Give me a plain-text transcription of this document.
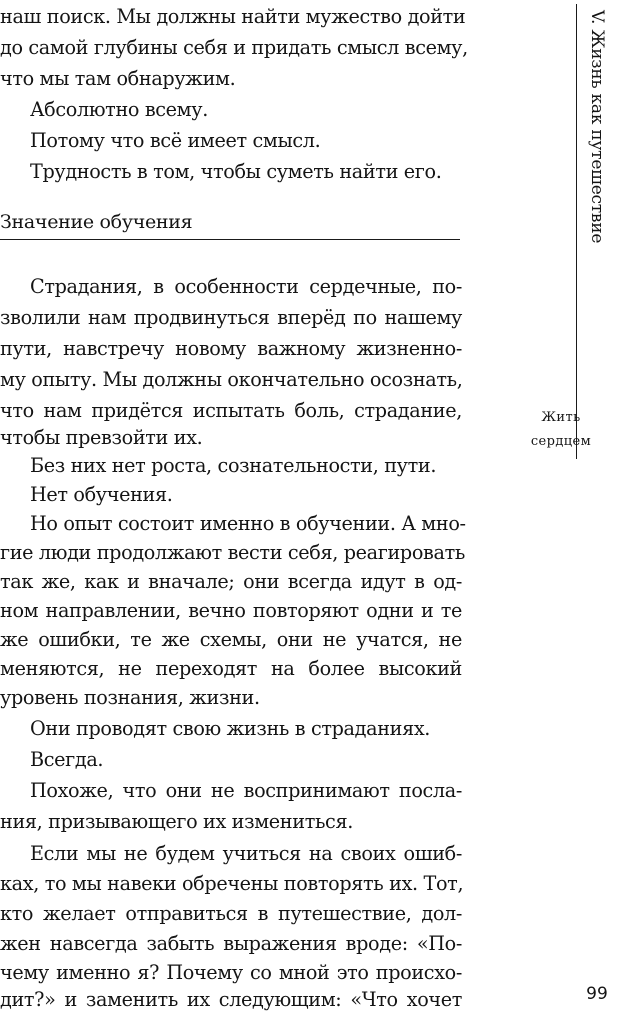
наш поиск. Мы должны найти мужество дойти
до самой глубины себя и придать смысл всему,
что мы там обнаружим.
Абсолютно всему.
Потому что всё имеет смысл.
Трудность в том, чтобы суметь найти его.
Значение обучения
Страдания, в особенности сердечные, по-
зволили нам продвинуться вперёд по нашему
пути, навстречу новому важному жизненно-
му опыту. Мы должны окончательно осознать,
что нам придётся испытать боль, страдание,
чтобы превзойти их.
Без них нет роста, сознательности, пути.
Нет обучения.
Но опыт состоит именно в обучении. А мно-
гие люди продолжают вести себя, реагировать
так же, как и вначале; они всегда идут в од-
ном направлении, вечно повторяют одни и те
же ошибки, те же схемы, они не учатся, не
меняются, не переходят на более высокий
уровень познания, жизни.
Они проводят свою жизнь в страданиях.
Всегда.
Похоже, что они не воспринимают посла-
ния, призывающего их измениться.
Если мы не будем учиться на своих ошиб-
ках, то мы навеки обречены повторять их. Тот,
кто желает отправиться в путешествие, дол-
жен навсегда забыть выражения вроде: «По-
чему именно я? Почему со мной это происхо-
дит?» и заменить их следующим: «Что хочет
V. Жизнь как путешествие
Жить
сердцем
99
